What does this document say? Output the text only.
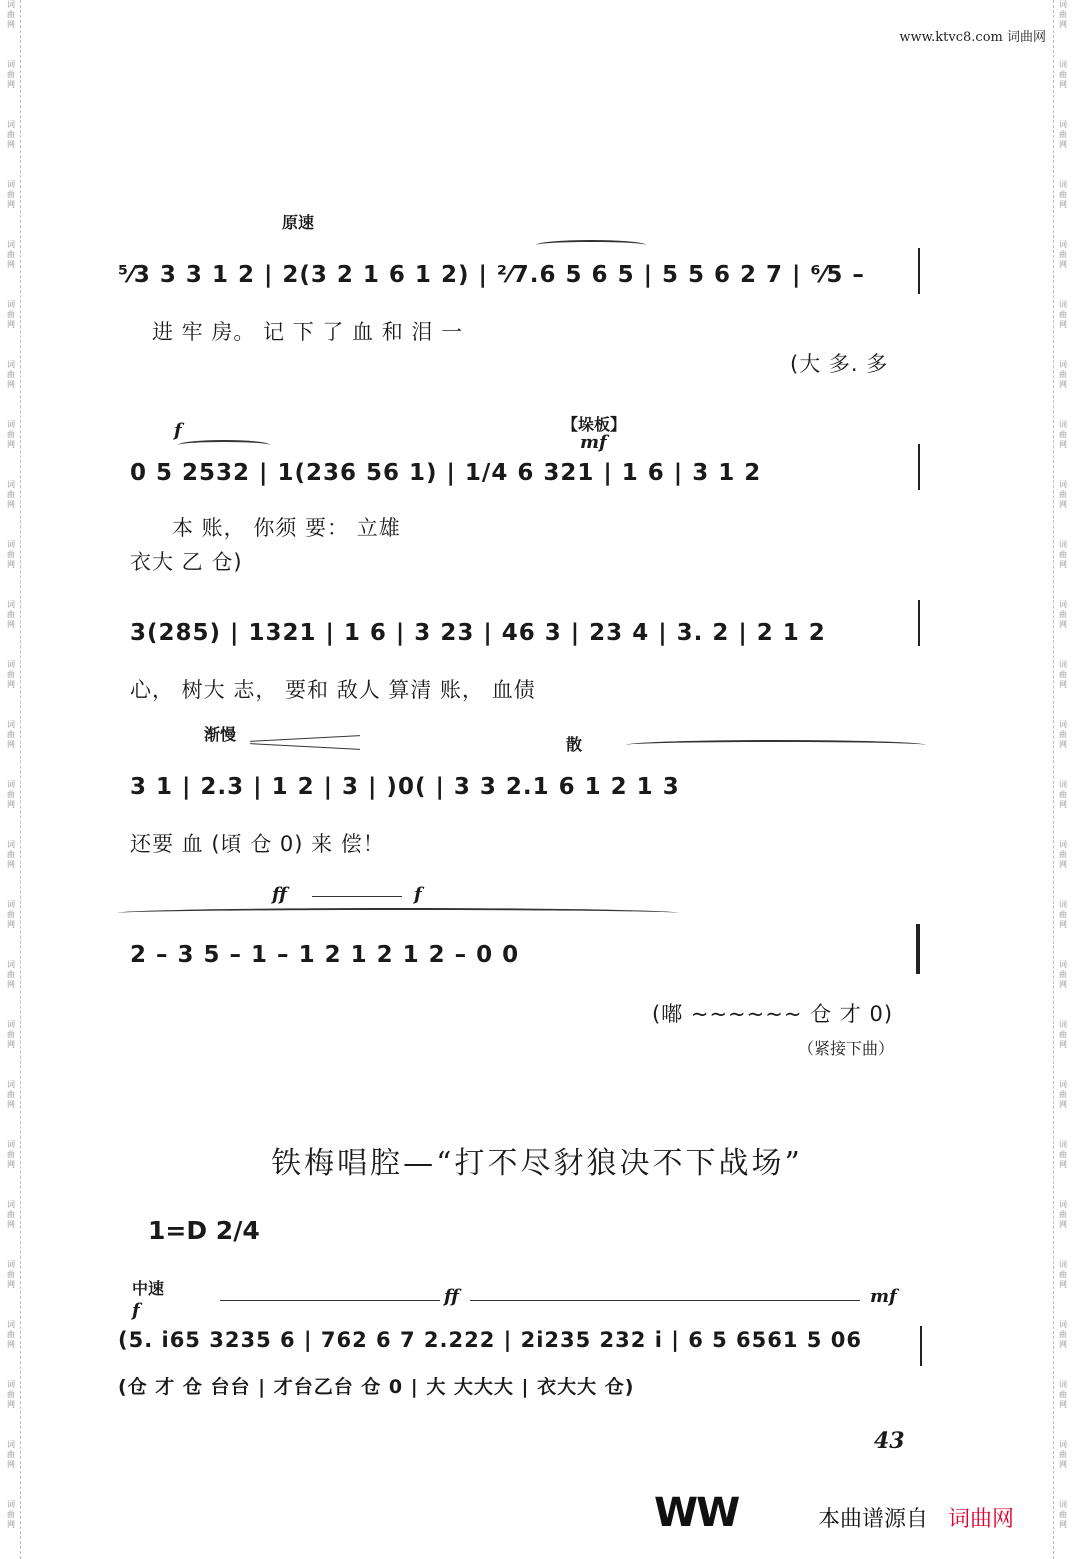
词
曲
网
词
曲
网
词
曲
网
词
曲
网
词
曲
网
词
曲
网
词
曲
网
词
曲
网
词
曲
网
词
曲
网
词
曲
网
词
曲
网
词
曲
网
词
曲
网
词
曲
网
词
曲
网
词
曲
网
词
曲
网
词
曲
网
词
曲
网
词
曲
网
词
曲
网
词
曲
网
词
曲
网
词
曲
网
词
曲
网
词
曲
网
词
曲
网
词
曲
网
词
曲
网
词
曲
网
词
曲
网
词
曲
网
词
曲
网
词
曲
网
词
曲
网
词
曲
网
词
曲
网
词
曲
网
词
曲
网
词
曲
网
词
曲
网
词
曲
网
词
曲
网
词
曲
网
词
曲
网
词
曲
网
词
曲
网
词
曲
网
词
曲
网
词
曲
网
词
曲
网
www.ktvc8.com 词曲网
原速
⁵⁄3 3 3 1 2 | 2(3 2 1 6 1 2) | ²⁄7.6 5 6 5 | 5 5 6 2 7 | ⁶⁄5 –
进 牢 房。 记 下 了 血 和 泪 一
(大 多. 多
f	【垛板】
mf
0 5 2532 | 1(236 56 1) | 1/4 6 321 | 1 6 | 3 1 2
本 账， 你须 要： 立雄
衣大 乙 仓)
3(285) | 1321 | 1 6 | 3 23 | 46 3 | 23 4 | 3. 2 | 2 1 2
心， 树大 志， 要和 敌人 算清 账， 血债
渐慢
散
3 1 | 2.3 | 1 2 | 3 | )0( | 3 3 2.1 6 1 2 1 3
还要 血 (頃 仓 0) 来 偿！
ff	f
2 – 3 5 – 1 – 1 2 1 2 1 2 – 0 0
(嘟 ~~~~~~ 仓 才 0)
（紧接下曲）
铁梅唱腔—“打不尽豺狼决不下战场”
1=D 2/4
中速
f
ff	mf
(5. i65 3235 6 | 762 6 7 2.222 | 2i235 232 i | 6 5 6561 5 06
(仓 才 仓 台台 | 才台乙台 仓 0 | 大 大大大 | 衣大大 仓)
43
WW	本曲谱源自 词曲网
